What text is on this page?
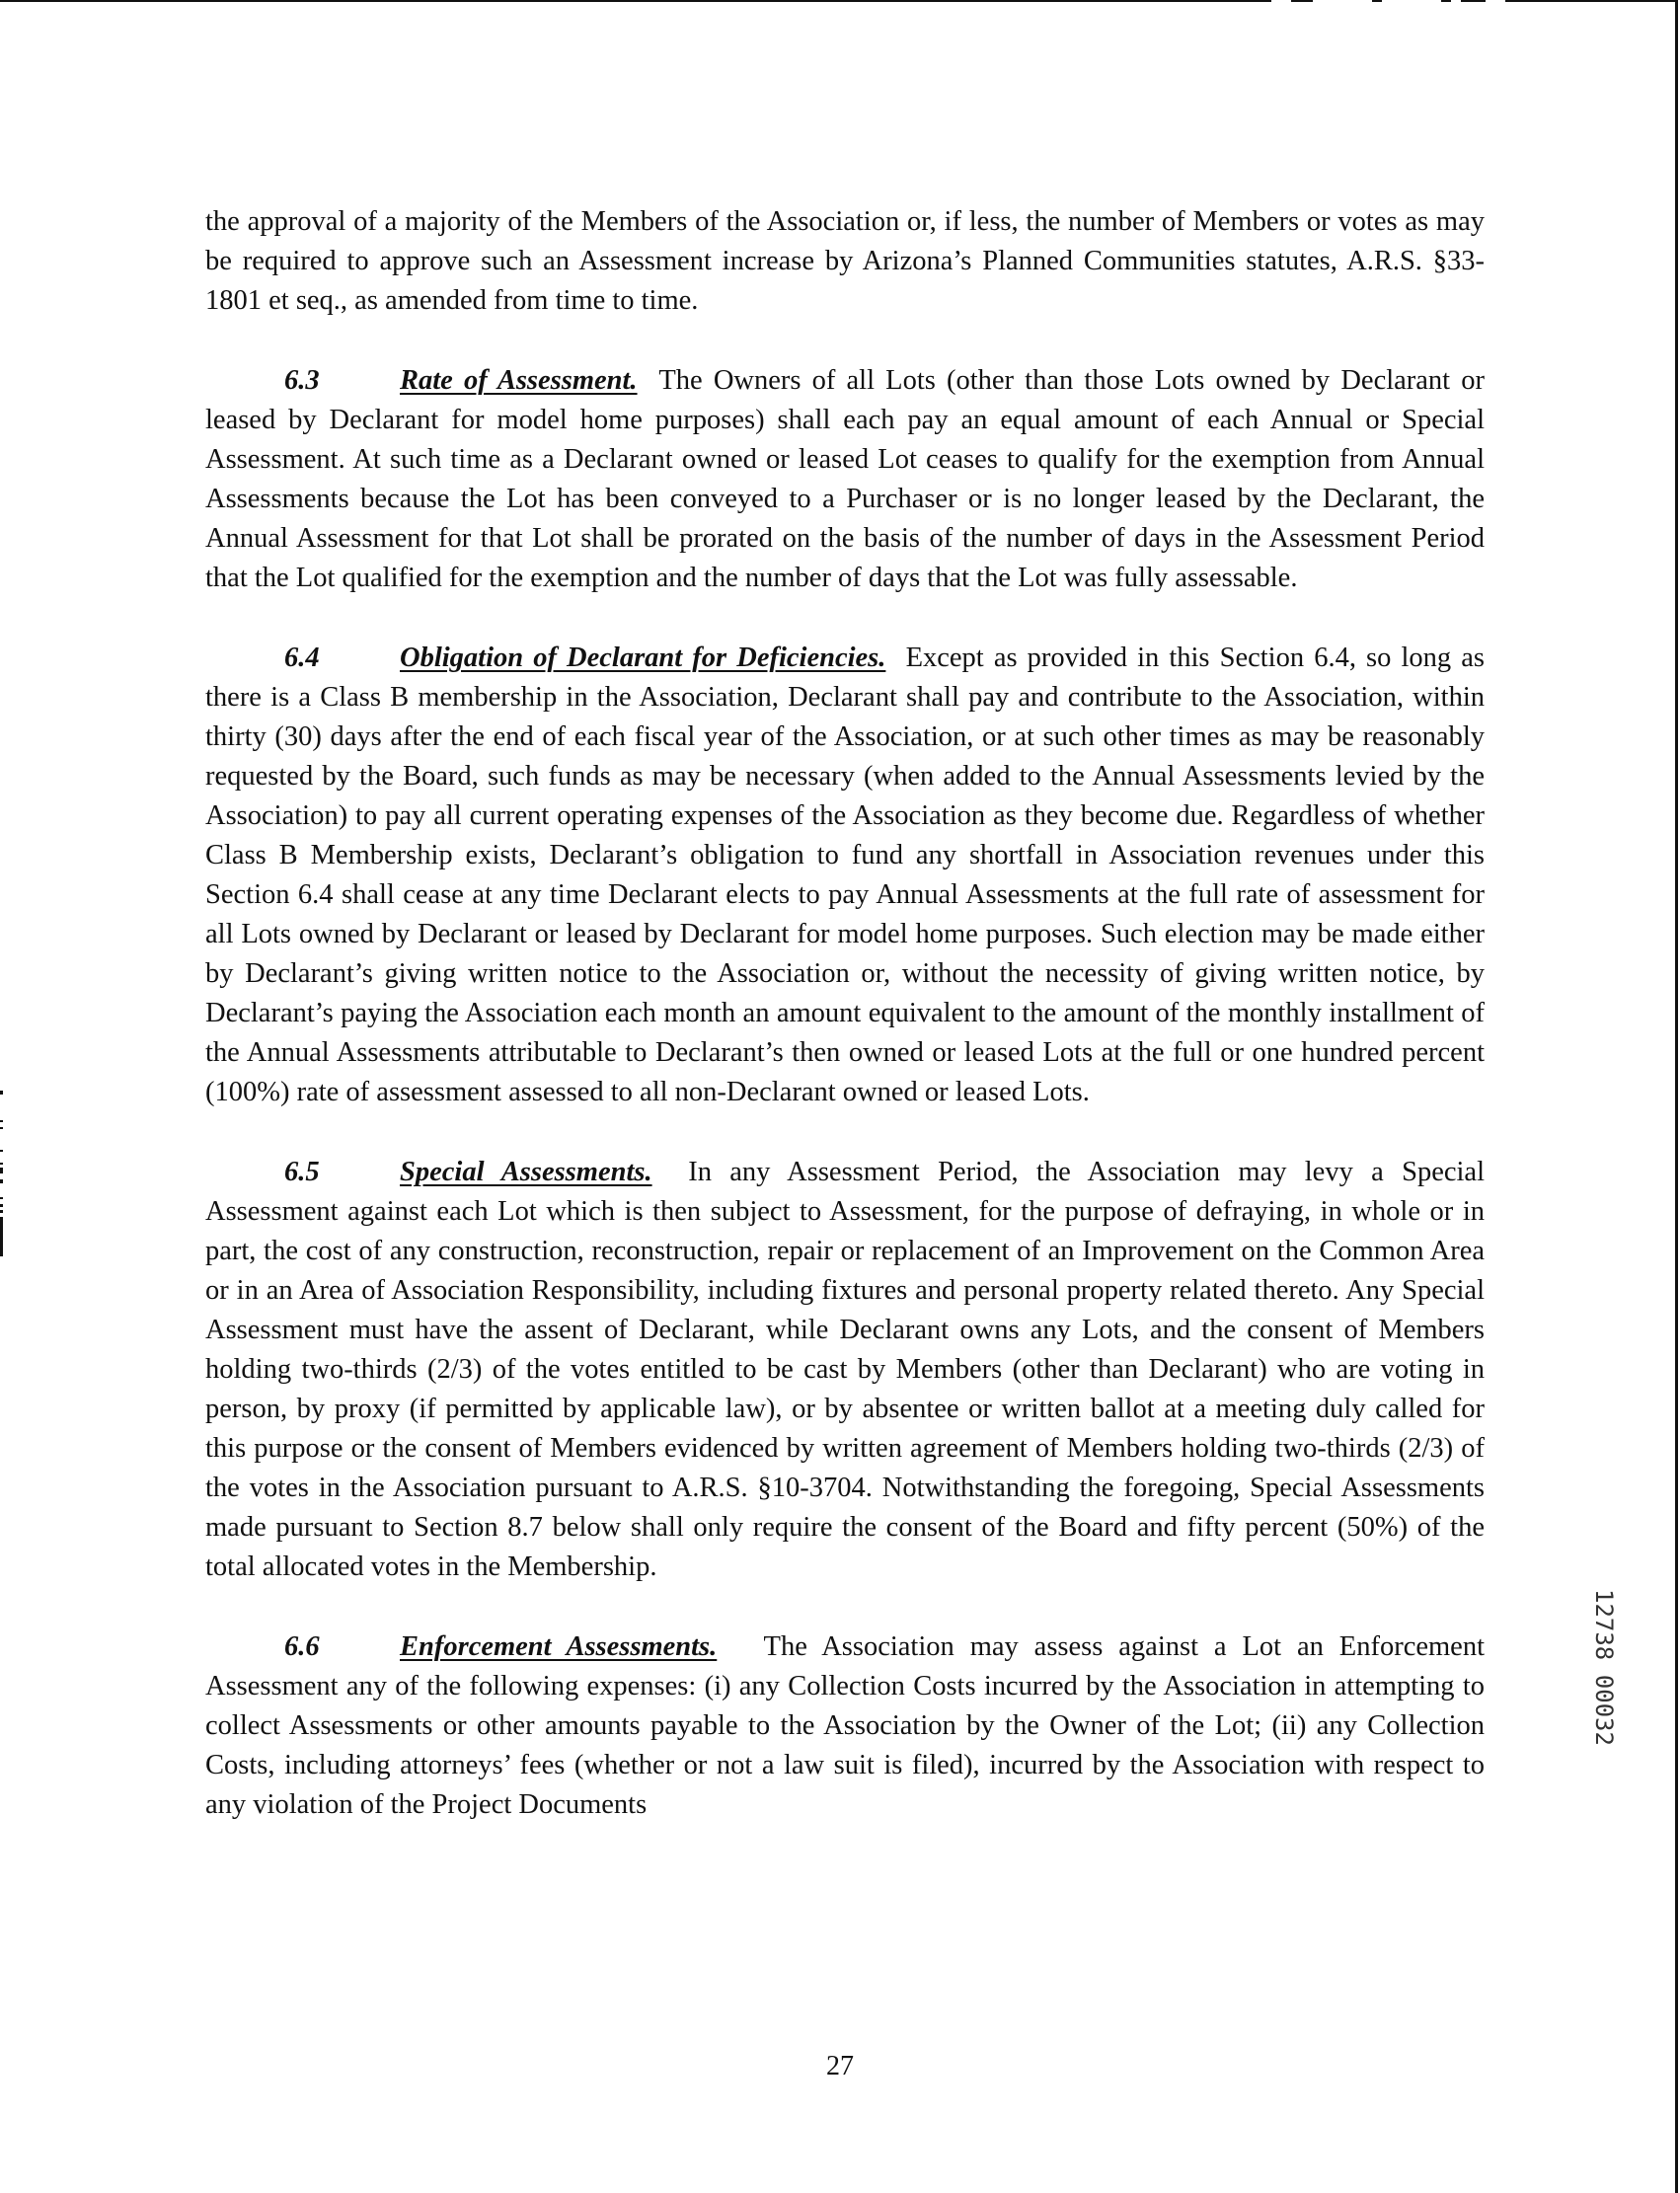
the approval of a majority of the Members of the Association or, if less, the number of Members or votes as may be required to approve such an Assessment increase by Arizona’s Planned Communities statutes, A.R.S. §33-1801 et seq., as amended from time to time.

6.3	Rate of Assessment. The Owners of all Lots (other than those Lots owned by Declarant or leased by Declarant for model home purposes) shall each pay an equal amount of each Annual or Special Assessment. At such time as a Declarant owned or leased Lot ceases to qualify for the exemption from Annual Assessments because the Lot has been conveyed to a Purchaser or is no longer leased by the Declarant, the Annual Assessment for that Lot shall be prorated on the basis of the number of days in the Assessment Period that the Lot qualified for the exemption and the number of days that the Lot was fully assessable.

6.4	Obligation of Declarant for Deficiencies. Except as provided in this Section 6.4, so long as there is a Class B membership in the Association, Declarant shall pay and contribute to the Association, within thirty (30) days after the end of each fiscal year of the Association, or at such other times as may be reasonably requested by the Board, such funds as may be necessary (when added to the Annual Assessments levied by the Association) to pay all current operating expenses of the Association as they become due. Regardless of whether Class B Membership exists, Declarant’s obligation to fund any shortfall in Association revenues under this Section 6.4 shall cease at any time Declarant elects to pay Annual Assessments at the full rate of assessment for all Lots owned by Declarant or leased by Declarant for model home purposes. Such election may be made either by Declarant’s giving written notice to the Association or, without the necessity of giving written notice, by Declarant’s paying the Association each month an amount equivalent to the amount of the monthly installment of the Annual Assessments attributable to Declarant’s then owned or leased Lots at the full or one hundred percent (100%) rate of assessment assessed to all non-Declarant owned or leased Lots.

6.5	Special Assessments. In any Assessment Period, the Association may levy a Special Assessment against each Lot which is then subject to Assessment, for the purpose of defraying, in whole or in part, the cost of any construction, reconstruction, repair or replacement of an Improvement on the Common Area or in an Area of Association Responsibility, including fixtures and personal property related thereto. Any Special Assessment must have the assent of Declarant, while Declarant owns any Lots, and the consent of Members holding two-thirds (2/3) of the votes entitled to be cast by Members (other than Declarant) who are voting in person, by proxy (if permitted by applicable law), or by absentee or written ballot at a meeting duly called for this purpose or the consent of Members evidenced by written agreement of Members holding two-thirds (2/3) of the votes in the Association pursuant to A.R.S. §10-3704. Notwithstanding the foregoing, Special Assessments made pursuant to Section 8.7 below shall only require the consent of the Board and fifty percent (50%) of the total allocated votes in the Membership.

6.6	Enforcement Assessments. The Association may assess against a Lot an Enforcement Assessment any of the following expenses: (i) any Collection Costs incurred by the Association in attempting to collect Assessments or other amounts payable to the Association by the Owner of the Lot; (ii) any Collection Costs, including attorneys’ fees (whether or not a law suit is filed), incurred by the Association with respect to any violation of the Project Documents

12738 00032
27
